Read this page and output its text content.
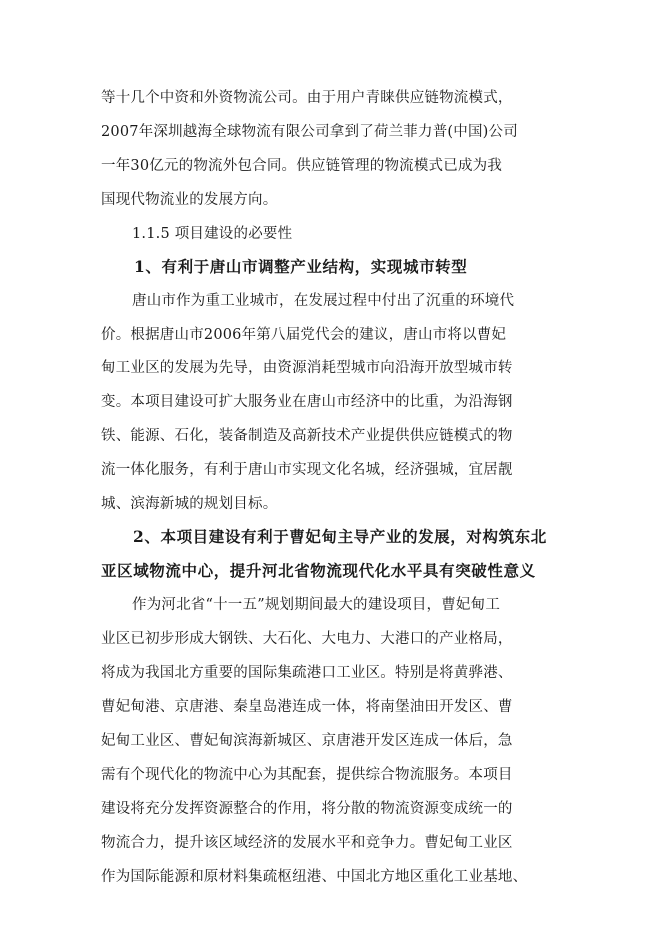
等十几个中资和外资物流公司。由于用户青睐供应链物流模式，
2007年深圳越海全球物流有限公司拿到了荷兰菲力普(中国)公司
一年30亿元的物流外包合同。供应链管理的物流模式已成为我
国现代物流业的发展方向。
1.1.5 项目建设的必要性
1、有利于唐山市调整产业结构，实现城市转型
唐山市作为重工业城市，在发展过程中付出了沉重的环境代
价。根据唐山市2006年第八届党代会的建议，唐山市将以曹妃
甸工业区的发展为先导，由资源消耗型城市向沿海开放型城市转
变。本项目建设可扩大服务业在唐山市经济中的比重，为沿海钢
铁、能源、石化，装备制造及高新技术产业提供供应链模式的物
流一体化服务，有利于唐山市实现文化名城，经济强城，宜居靓
城、滨海新城的规划目标。
2、本项目建设有利于曹妃甸主导产业的发展，对构筑东北
亚区域物流中心，提升河北省物流现代化水平具有突破性意义
作为河北省“十一五”规划期间最大的建设项目，曹妃甸工
业区已初步形成大钢铁、大石化、大电力、大港口的产业格局，
将成为我国北方重要的国际集疏港口工业区。特别是将黄骅港、
曹妃甸港、京唐港、秦皇岛港连成一体，将南堡油田开发区、曹
妃甸工业区、曹妃甸滨海新城区、京唐港开发区连成一体后，急
需有个现代化的物流中心为其配套，提供综合物流服务。本项目
建设将充分发挥资源整合的作用，将分散的物流资源变成统一的
物流合力，提升该区域经济的发展水平和竞争力。曹妃甸工业区
作为国际能源和原材料集疏枢纽港、中国北方地区重化工业基地、
